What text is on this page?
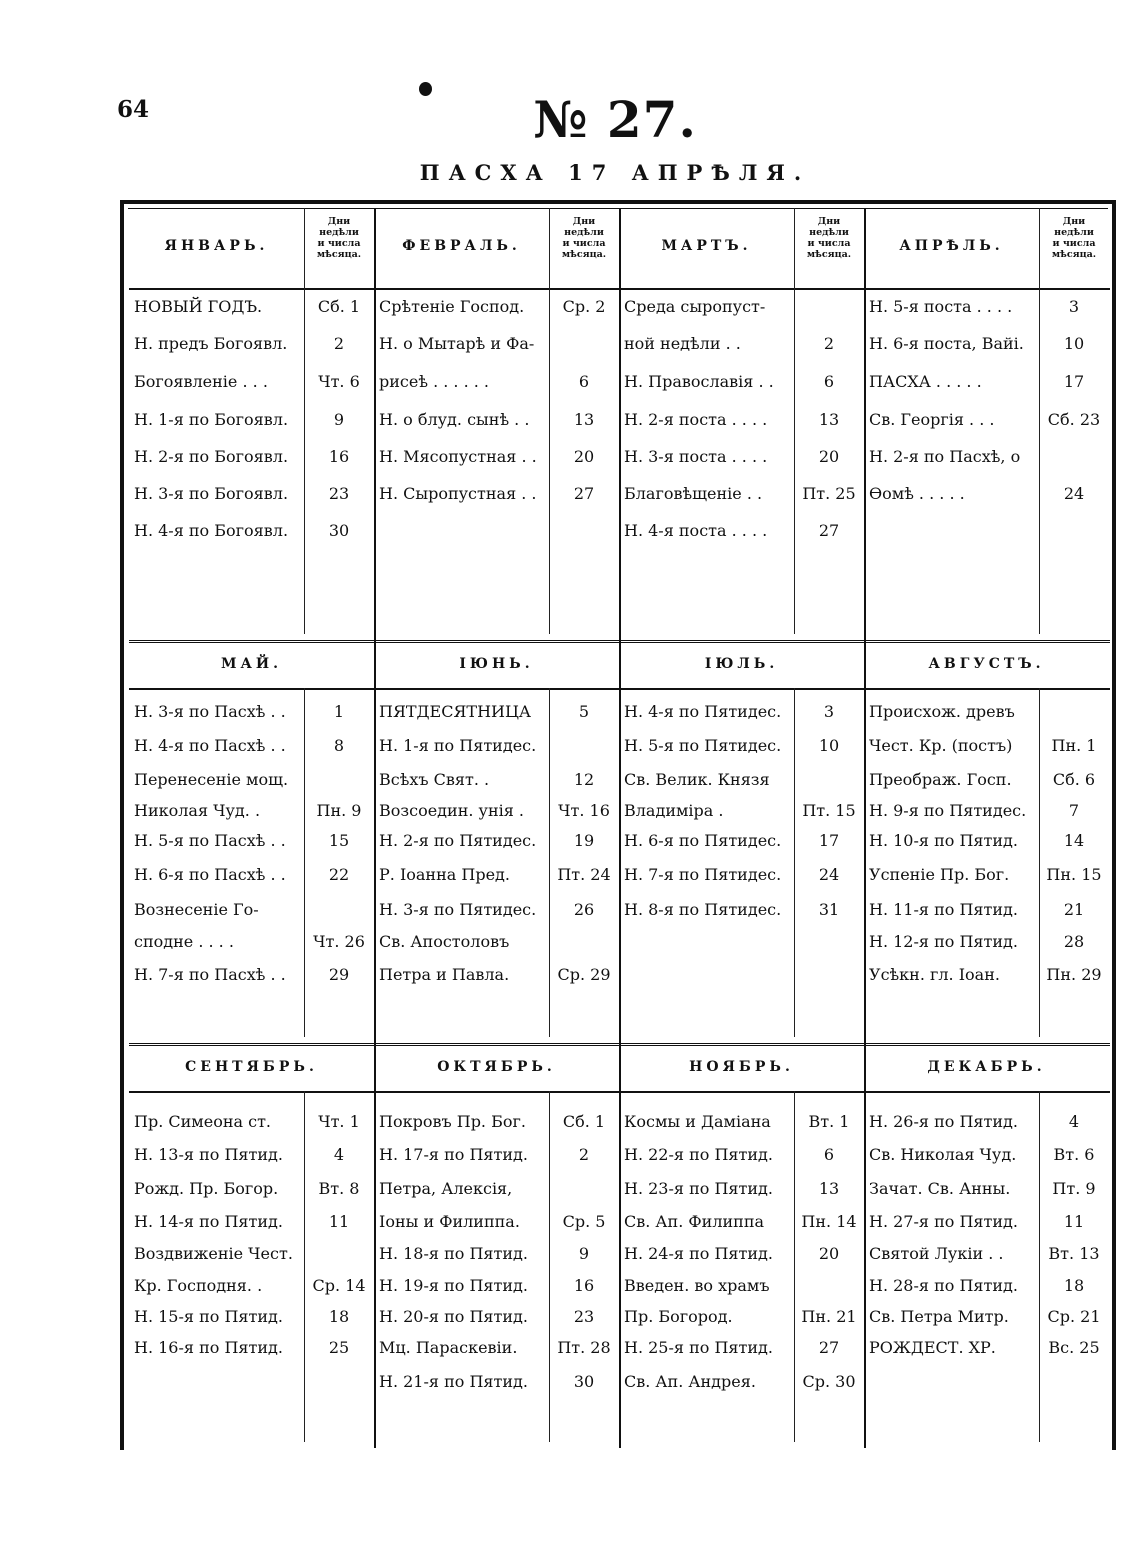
64	№ 27.
ПАСХА 17 АПРѢЛЯ.
ЯНВАРЬ.
Дни
недѣли
и числа
мѣсяца.
НОВЫЙ ГОДЪ.	Сб. 1
Н. предъ Богоявл.	2
Богоявленіе . . .	Чт. 6
Н. 1-я по Богоявл.	9
Н. 2-я по Богоявл.	16
Н. 3-я по Богоявл.	23
Н. 4-я по Богоявл.	30
ФЕВРАЛЬ.
Дни
недѣли
и числа
мѣсяца.
Срѣтеніе Господ.	Ср. 2
Н. о Мытарѣ и Фа-
рисеѣ . . . . . .	6
Н. о блуд. сынѣ . .	13
Н. Мясопустная . .	20
Н. Сыропустная . .	27
МАРТЪ.
Дни
недѣли
и числа
мѣсяца.
Среда сыропуст-
ной недѣли . .	2
Н. Православія . .	6
Н. 2-я поста . . . .	13
Н. 3-я поста . . . .	20
Благовѣщеніе . .	Пт. 25
Н. 4-я поста . . . .	27
АПРѢЛЬ.
Дни
недѣли
и числа
мѣсяца.
Н. 5-я поста . . . .	3
Н. 6-я поста, Вайі.	10
ПАСХА . . . . .	17
Св. Георгія . . .	Сб. 23
Н. 2-я по Пасхѣ, о
Ѳомѣ . . . . .	24
МАЙ.
Н. 3-я по Пасхѣ . .	1
Н. 4-я по Пасхѣ . .	8
Перенесеніе мощ.
Николая Чуд. .	Пн. 9
Н. 5-я по Пасхѣ . .	15
Н. 6-я по Пасхѣ . .	22
Вознесеніе Го-
сподне . . . .	Чт. 26
Н. 7-я по Пасхѣ . .	29
ІЮНЬ.
ПЯТДЕСЯТНИЦА	5
Н. 1-я по Пятидес.
Всѣхъ Свят. .	12
Возсоедин. унія .	Чт. 16
Н. 2-я по Пятидес.	19
Р. Іоанна Пред.	Пт. 24
Н. 3-я по Пятидес.	26
Св. Апостоловъ
Петра и Павла.	Ср. 29
ІЮЛЬ.
Н. 4-я по Пятидес.	3
Н. 5-я по Пятидес.	10
Св. Велик. Князя
Владиміра .	Пт. 15
Н. 6-я по Пятидес.	17
Н. 7-я по Пятидес.	24
Н. 8-я по Пятидес.	31
АВГУСТЪ.
Происхож. древъ
Чест. Кр. (постъ)	Пн. 1
Преображ. Госп.	Сб. 6
Н. 9-я по Пятидес.	7
Н. 10-я по Пятид.	14
Успеніе Пр. Бог.	Пн. 15
Н. 11-я по Пятид.	21
Н. 12-я по Пятид.	28
Усѣкн. гл. Іоан.	Пн. 29
СЕНТЯБРЬ.
Пр. Симеона ст.	Чт. 1
Н. 13-я по Пятид.	4
Рожд. Пр. Богор.	Вт. 8
Н. 14-я по Пятид.	11
Воздвиженіе Чест.
Кр. Господня. .	Ср. 14
Н. 15-я по Пятид.	18
Н. 16-я по Пятид.	25
ОКТЯБРЬ.
Покровъ Пр. Бог.	Сб. 1
Н. 17-я по Пятид.	2
Петра, Алексія,
Іоны и Филиппа.	Ср. 5
Н. 18-я по Пятид.	9
Н. 19-я по Пятид.	16
Н. 20-я по Пятид.	23
Мц. Параскевіи.	Пт. 28
Н. 21-я по Пятид.	30
НОЯБРЬ.
Космы и Даміана	Вт. 1
Н. 22-я по Пятид.	6
Н. 23-я по Пятид.	13
Св. Ап. Филиппа	Пн. 14
Н. 24-я по Пятид.	20
Введен. во храмъ
Пр. Богород.	Пн. 21
Н. 25-я по Пятид.	27
Св. Ап. Андрея.	Ср. 30
ДЕКАБРЬ.
Н. 26-я по Пятид.	4
Св. Николая Чуд.	Вт. 6
Зачат. Св. Анны.	Пт. 9
Н. 27-я по Пятид.	11
Святой Лукіи . .	Вт. 13
Н. 28-я по Пятид.	18
Св. Петра Митр.	Ср. 21
РОЖДЕСТ. ХР.	Вс. 25
